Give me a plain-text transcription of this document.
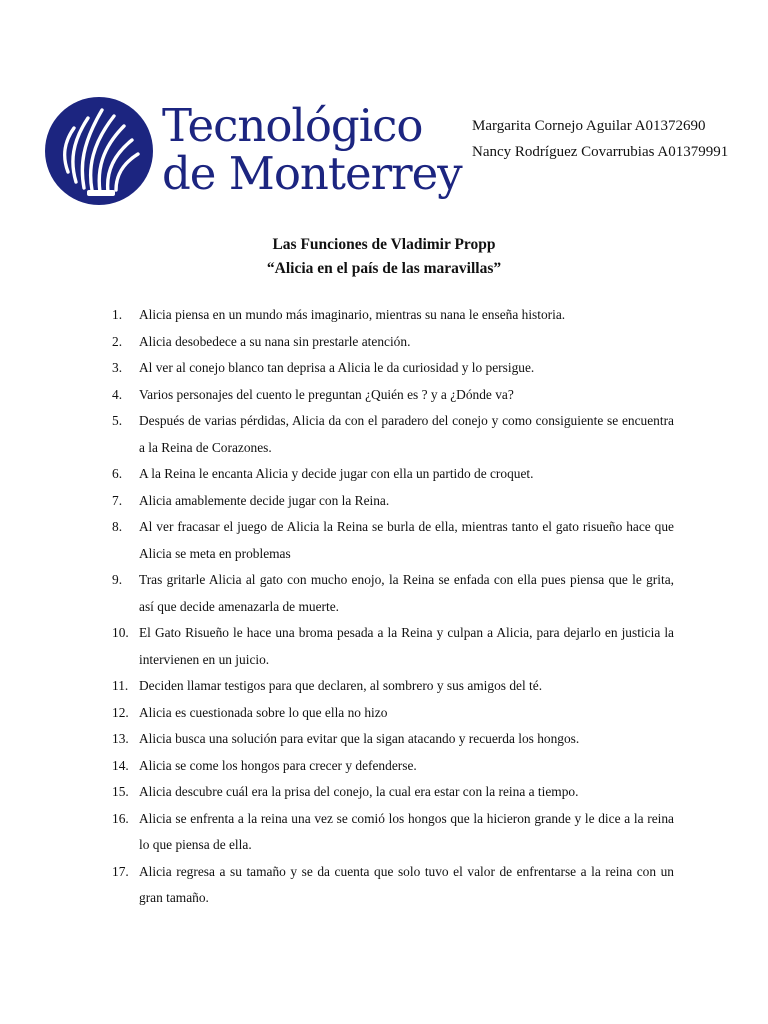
Tecnológico
de Monterrey
Margarita Cornejo Aguilar A01372690
Nancy Rodríguez Covarrubias A01379991
Las Funciones de Vladimir Propp
“Alicia en el país de las maravillas”
1. Alicia piensa en un mundo más imaginario, mientras su nana le enseña historia.
2. Alicia desobedece a su nana sin prestarle atención.
3. Al ver al conejo blanco tan deprisa a Alicia le da curiosidad y lo persigue.
4. Varios personajes del cuento le preguntan ¿Quién es ? y a ¿Dónde va?
5. Después de varias pérdidas, Alicia da con el paradero del conejo y como consiguiente se encuentra a la Reina de Corazones.
6. A la Reina le encanta Alicia y decide jugar con ella un partido de croquet.
7. Alicia amablemente decide jugar con la Reina.
8. Al ver fracasar el juego de Alicia la Reina se burla de ella, mientras tanto el gato risueño hace que Alicia se meta en problemas
9. Tras gritarle Alicia al gato con mucho enojo, la Reina se enfada con ella pues piensa que le grita, así que decide amenazarla de muerte.
10. El Gato Risueño le hace una broma pesada a la Reina y culpan a Alicia, para dejarlo en justicia la intervienen en un juicio.
11. Deciden llamar testigos para que declaren, al sombrero y sus amigos del té.
12. Alicia es cuestionada sobre lo que ella no hizo
13. Alicia busca una solución para evitar que la sigan atacando y recuerda los hongos.
14. Alicia se come los hongos para crecer y defenderse.
15. Alicia descubre cuál era la prisa del conejo, la cual era estar con la reina a tiempo.
16. Alicia se enfrenta a la reina una vez se comió los hongos que la hicieron grande y le dice a la reina lo que piensa de ella.
17. Alicia regresa a su tamaño y se da cuenta que solo tuvo el valor de enfrentarse a la reina con un gran tamaño.
